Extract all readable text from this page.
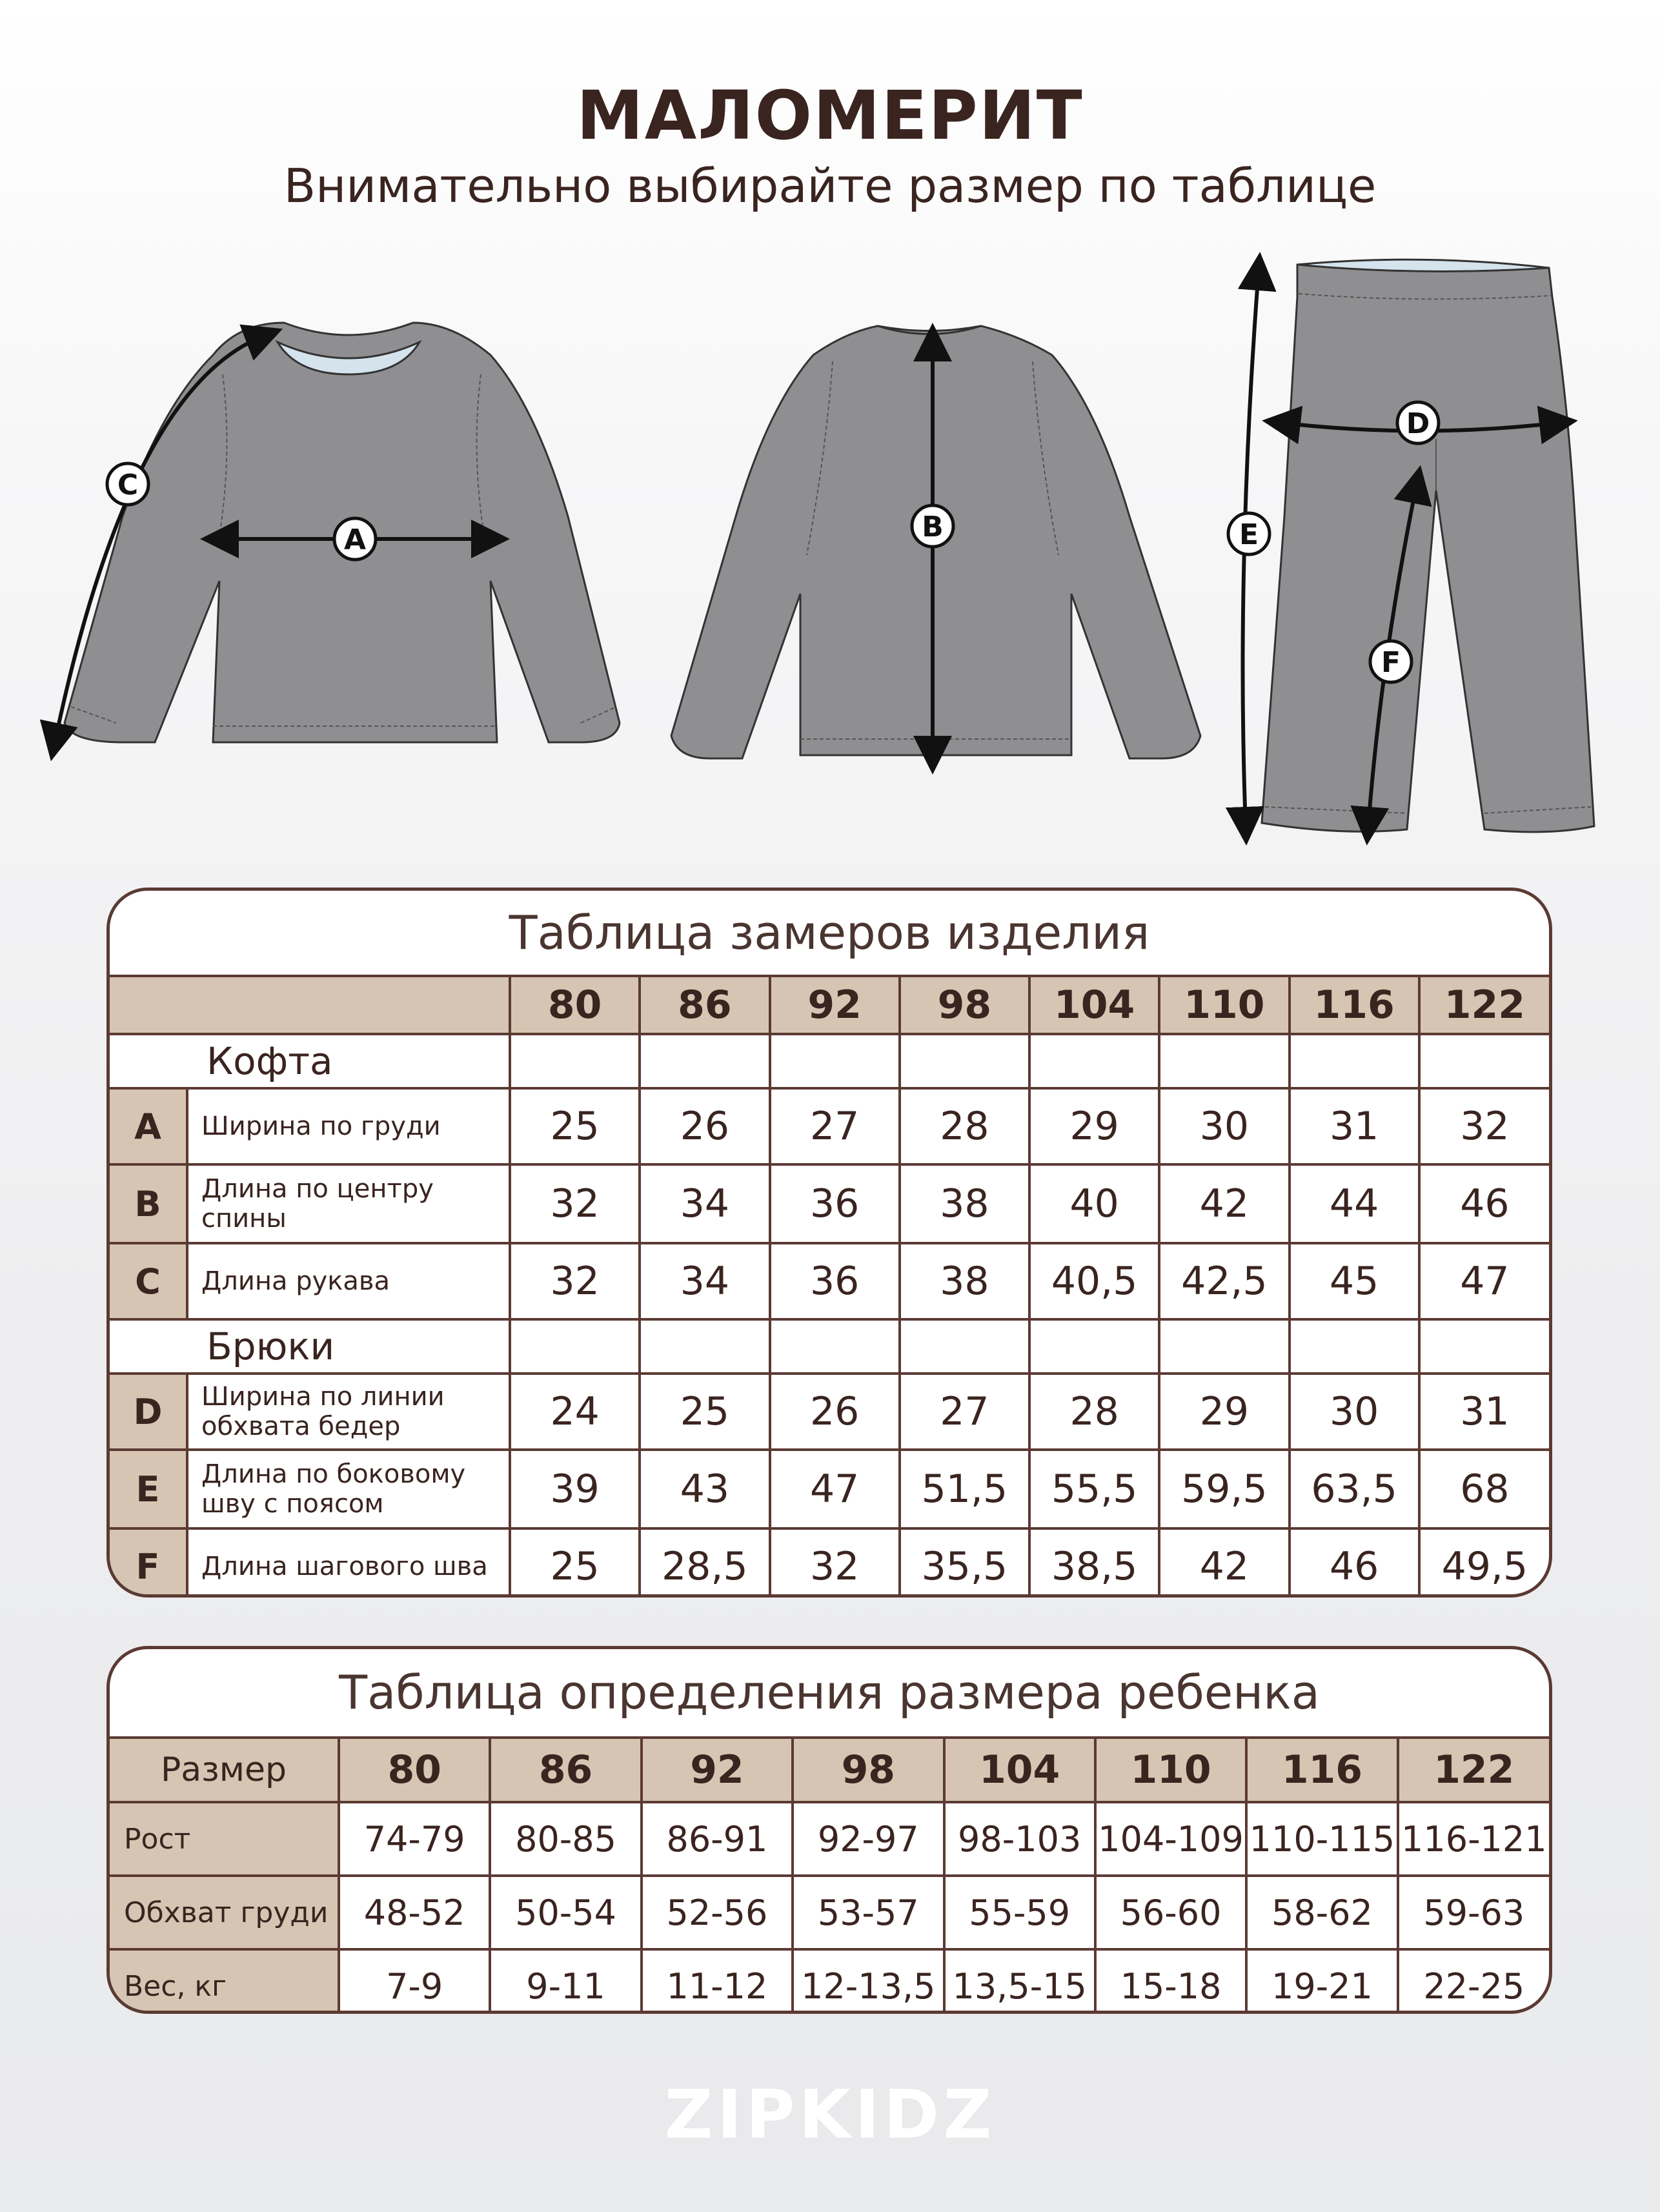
МАЛОМЕРИТ
Внимательно выбирайте размер по таблице
C
A	B
D
E
F
Таблица замеров изделия
		80	86	92	98	104	110	116	122
Кофта									
A	Ширина по груди	25	26	27	28	29	30	31	32
B	Длина по центру спины	32	34	36	38	40	42	44	46
C	Длина рукава	32	34	36	38	40,5	42,5	45	47
Брюки									
D	Ширина по линии обхвата бедер	24	25	26	27	28	29	30	31
E	Длина по боковому шву с поясом	39	43	47	51,5	55,5	59,5	63,5	68
F	Длина шагового шва	25	28,5	32	35,5	38,5	42	46	49,5
Таблица определения размера ребенка
Размер	80	86	92	98	104	110	116	122
Рост	74-79	80-85	86-91	92-97	98-103	104-109	110-115	116-121
Обхват груди	48-52	50-54	52-56	53-57	55-59	56-60	58-62	59-63
Вес, кг	7-9	9-11	11-12	12-13,5	13,5-15	15-18	19-21	22-25
ZIPKIDZ
